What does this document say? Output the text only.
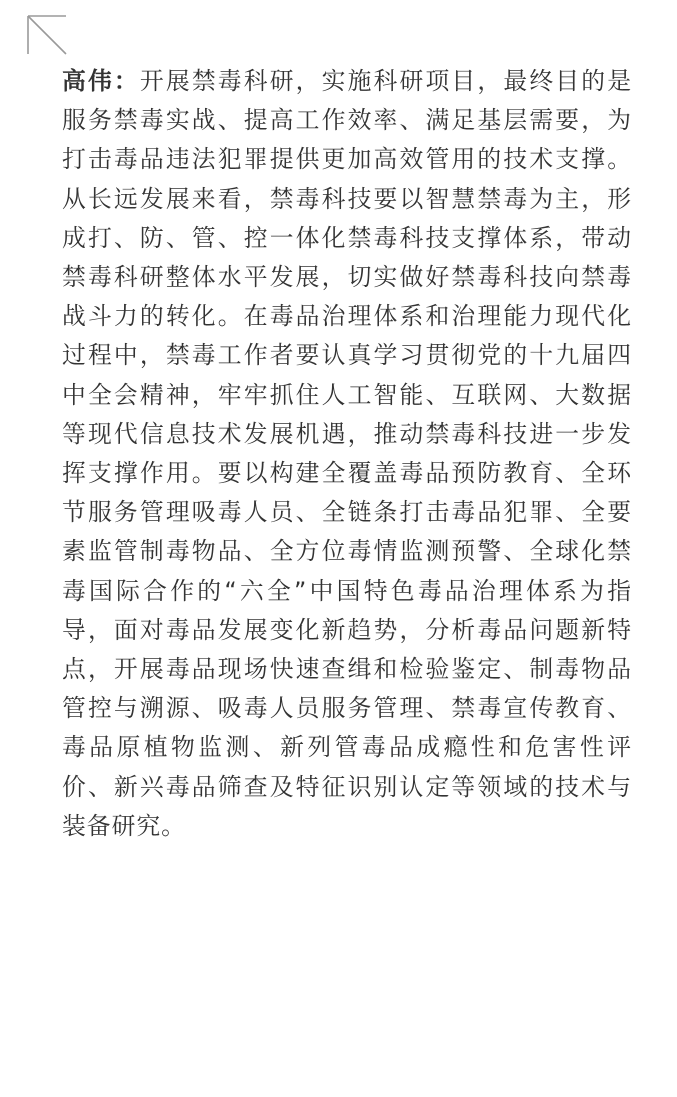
高伟：开展禁毒科研，实施科研项目，最终目的是服务禁毒实战、提高工作效率、满足基层需要，为打击毒品违法犯罪提供更加高效管用的技术支撑。从长远发展来看，禁毒科技要以智慧禁毒为主，形成打、防、管、控一体化禁毒科技支撑体系，带动禁毒科研整体水平发展，切实做好禁毒科技向禁毒战斗力的转化。在毒品治理体系和治理能力现代化过程中，禁毒工作者要认真学习贯彻党的十九届四中全会精神，牢牢抓住人工智能、互联网、大数据等现代信息技术发展机遇，推动禁毒科技进一步发挥支撑作用。要以构建全覆盖毒品预防教育、全环节服务管理吸毒人员、全链条打击毒品犯罪、全要素监管制毒物品、全方位毒情监测预警、全球化禁毒国际合作的“六全”中国特色毒品治理体系为指导，面对毒品发展变化新趋势，分析毒品问题新特点，开展毒品现场快速查缉和检验鉴定、制毒物品管控与溯源、吸毒人员服务管理、禁毒宣传教育、毒品原植物监测、新列管毒品成瘾性和危害性评价、新兴毒品筛查及特征识别认定等领域的技术与装备研究。
